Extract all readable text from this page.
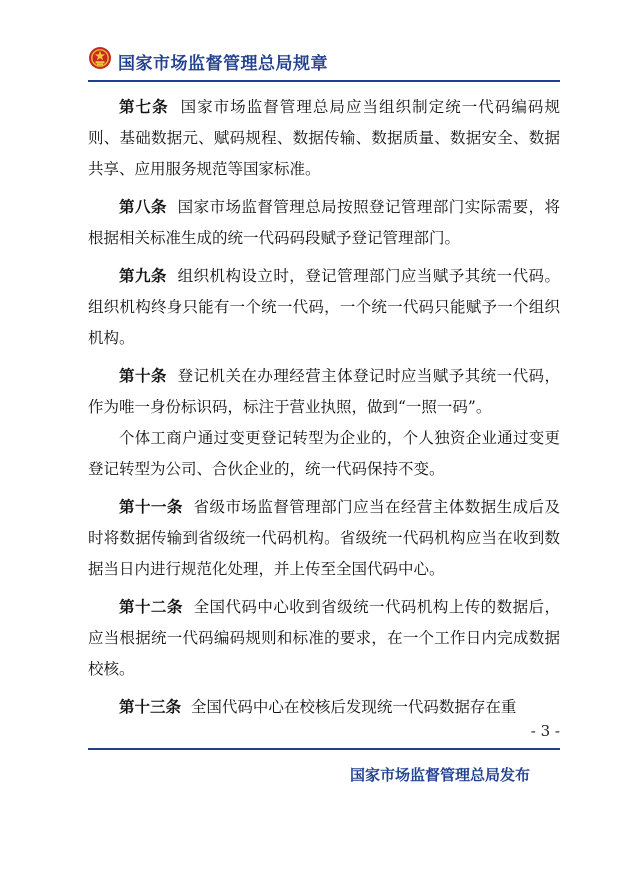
国家市场监督管理总局规章

第七条 国家市场监督管理总局应当组织制定统一代码编码规则、基础数据元、赋码规程、数据传输、数据质量、数据安全、数据共享、应用服务规范等国家标准。

第八条 国家市场监督管理总局按照登记管理部门实际需要，将根据相关标准生成的统一代码码段赋予登记管理部门。

第九条 组织机构设立时，登记管理部门应当赋予其统一代码。组织机构终身只能有一个统一代码，一个统一代码只能赋予一个组织机构。

第十条 登记机关在办理经营主体登记时应当赋予其统一代码，作为唯一身份标识码，标注于营业执照，做到“一照一码”。

个体工商户通过变更登记转型为企业的，个人独资企业通过变更登记转型为公司、合伙企业的，统一代码保持不变。

第十一条 省级市场监督管理部门应当在经营主体数据生成后及时将数据传输到省级统一代码机构。省级统一代码机构应当在收到数据当日内进行规范化处理，并上传至全国代码中心。

第十二条 全国代码中心收到省级统一代码机构上传的数据后，应当根据统一代码编码规则和标准的要求，在一个工作日内完成数据校核。

第十三条 全国代码中心在校核后发现统一代码数据存在重

- 3 -
国家市场监督管理总局发布
